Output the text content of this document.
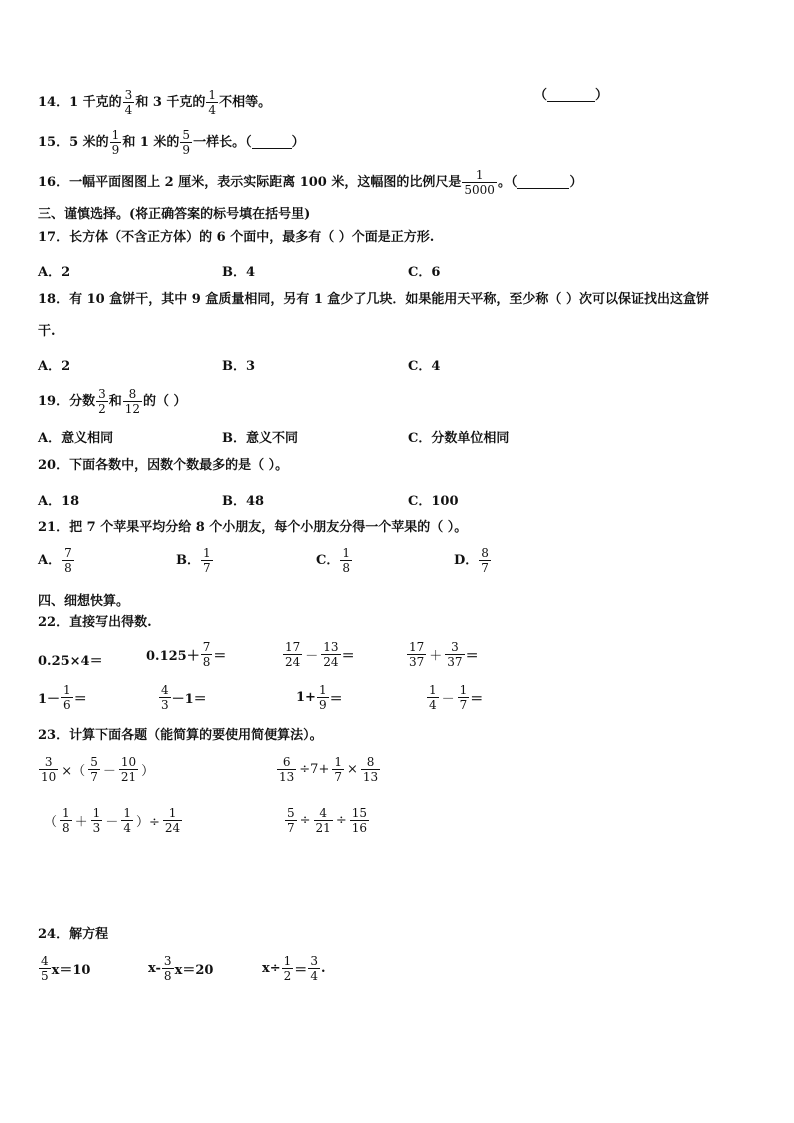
14．1 千克的 $\frac{3}{4}$ 和 3 千克的 $\frac{1}{4}$ 不相等。	（	）
15．5 米的 $\frac{1}{9}$ 和 1 米的 $\frac{5}{9}$ 一样长。（	）
16．一幅平面图图上 2 厘米，表示实际距离 100 米，这幅图的比例尺是 $\frac{1}{5000}$ 。（	）
三、谨慎选择。(将正确答案的标号填在括号里)
17．长方体（不含正方体）的 6 个面中，最多有（ ）个面是正方形.
A．2	B．4	C．6
18．有 10 盒饼干，其中 9 盒质量相同，另有 1 盒少了几块．如果能用天平称，至少称（ ）次可以保证找出这盒饼
干.
A．2	B．3	C．4
19．分数 $\frac{3}{2}$ 和 $\frac{8}{12}$ 的（ ）
A．意义相同	B．意义不同	C．分数单位相同
20．下面各数中，因数个数最多的是（ ）。
A．18	B．48	C．100
21．把 7 个苹果平均分给 8 个小朋友，每个小朋友分得一个苹果的（ ）。
A． $\frac{7}{8}$	B． $\frac{1}{7}$	C． $\frac{1}{8}$	D． $\frac{8}{7}$
四、细想快算。
22．直接写出得数.
0.25×4＝	$0.125+ \frac{7}{8}$ ＝	$\frac{17}{24} - \frac{13}{24}$ ＝	$\frac{17}{37} + \frac{3}{37}$ ＝
$1- \frac{1}{6}$ ＝	$\frac{4}{3} -1=$	$1+ \frac{1}{9}$ ＝	$\frac{1}{4} - \frac{1}{7}$ ＝
23．计算下面各题（能简算的要使用简便算法）。
$\frac{3}{10}$ ×（ $\frac{5}{7} - \frac{10}{21}$ ）	$\frac{6}{13} \div 7+ \frac{1}{7} \times \frac{8}{13}$
（ $\frac{1}{8} + \frac{1}{3} - \frac{1}{4}$ ）÷ $\frac{1}{24}$	$\frac{5}{7} \div \frac{4}{21} \div \frac{15}{16}$
24．解方程
$\frac{4}{5} x=10$	$x- \frac{3}{8} x=20$	$x\div \frac{1}{2} = \frac{3}{4}$ .
